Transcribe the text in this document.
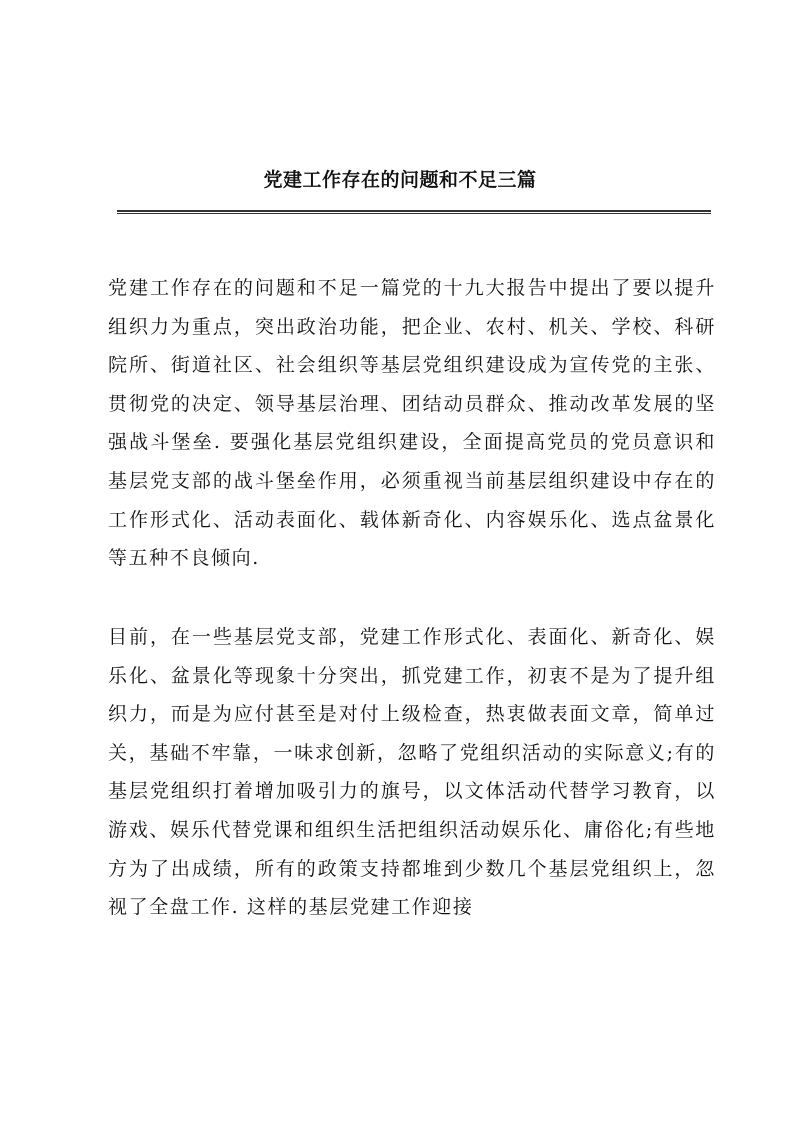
党建工作存在的问题和不足三篇

党建工作存在的问题和不足一篇党的十九大报告中提出了要以提升组织力为重点，突出政治功能，把企业、农村、机关、学校、科研院所、街道社区、社会组织等基层党组织建设成为宣传党的主张、贯彻党的决定、领导基层治理、团结动员群众、推动改革发展的坚强战斗堡垒. 要强化基层党组织建设，全面提高党员的党员意识和基层党支部的战斗堡垒作用，必须重视当前基层组织建设中存在的工作形式化、活动表面化、载体新奇化、内容娱乐化、选点盆景化等五种不良倾向.

目前，在一些基层党支部，党建工作形式化、表面化、新奇化、娱乐化、盆景化等现象十分突出，抓党建工作，初衷不是为了提升组织力，而是为应付甚至是对付上级检查，热衷做表面文章，简单过关，基础不牢靠，一味求创新，忽略了党组织活动的实际意义;有的基层党组织打着增加吸引力的旗号，以文体活动代替学习教育，以游戏、娱乐代替党课和组织生活把组织活动娱乐化、庸俗化;有些地方为了出成绩，所有的政策支持都堆到少数几个基层党组织上，忽视了全盘工作. 这样的基层党建工作迎接
